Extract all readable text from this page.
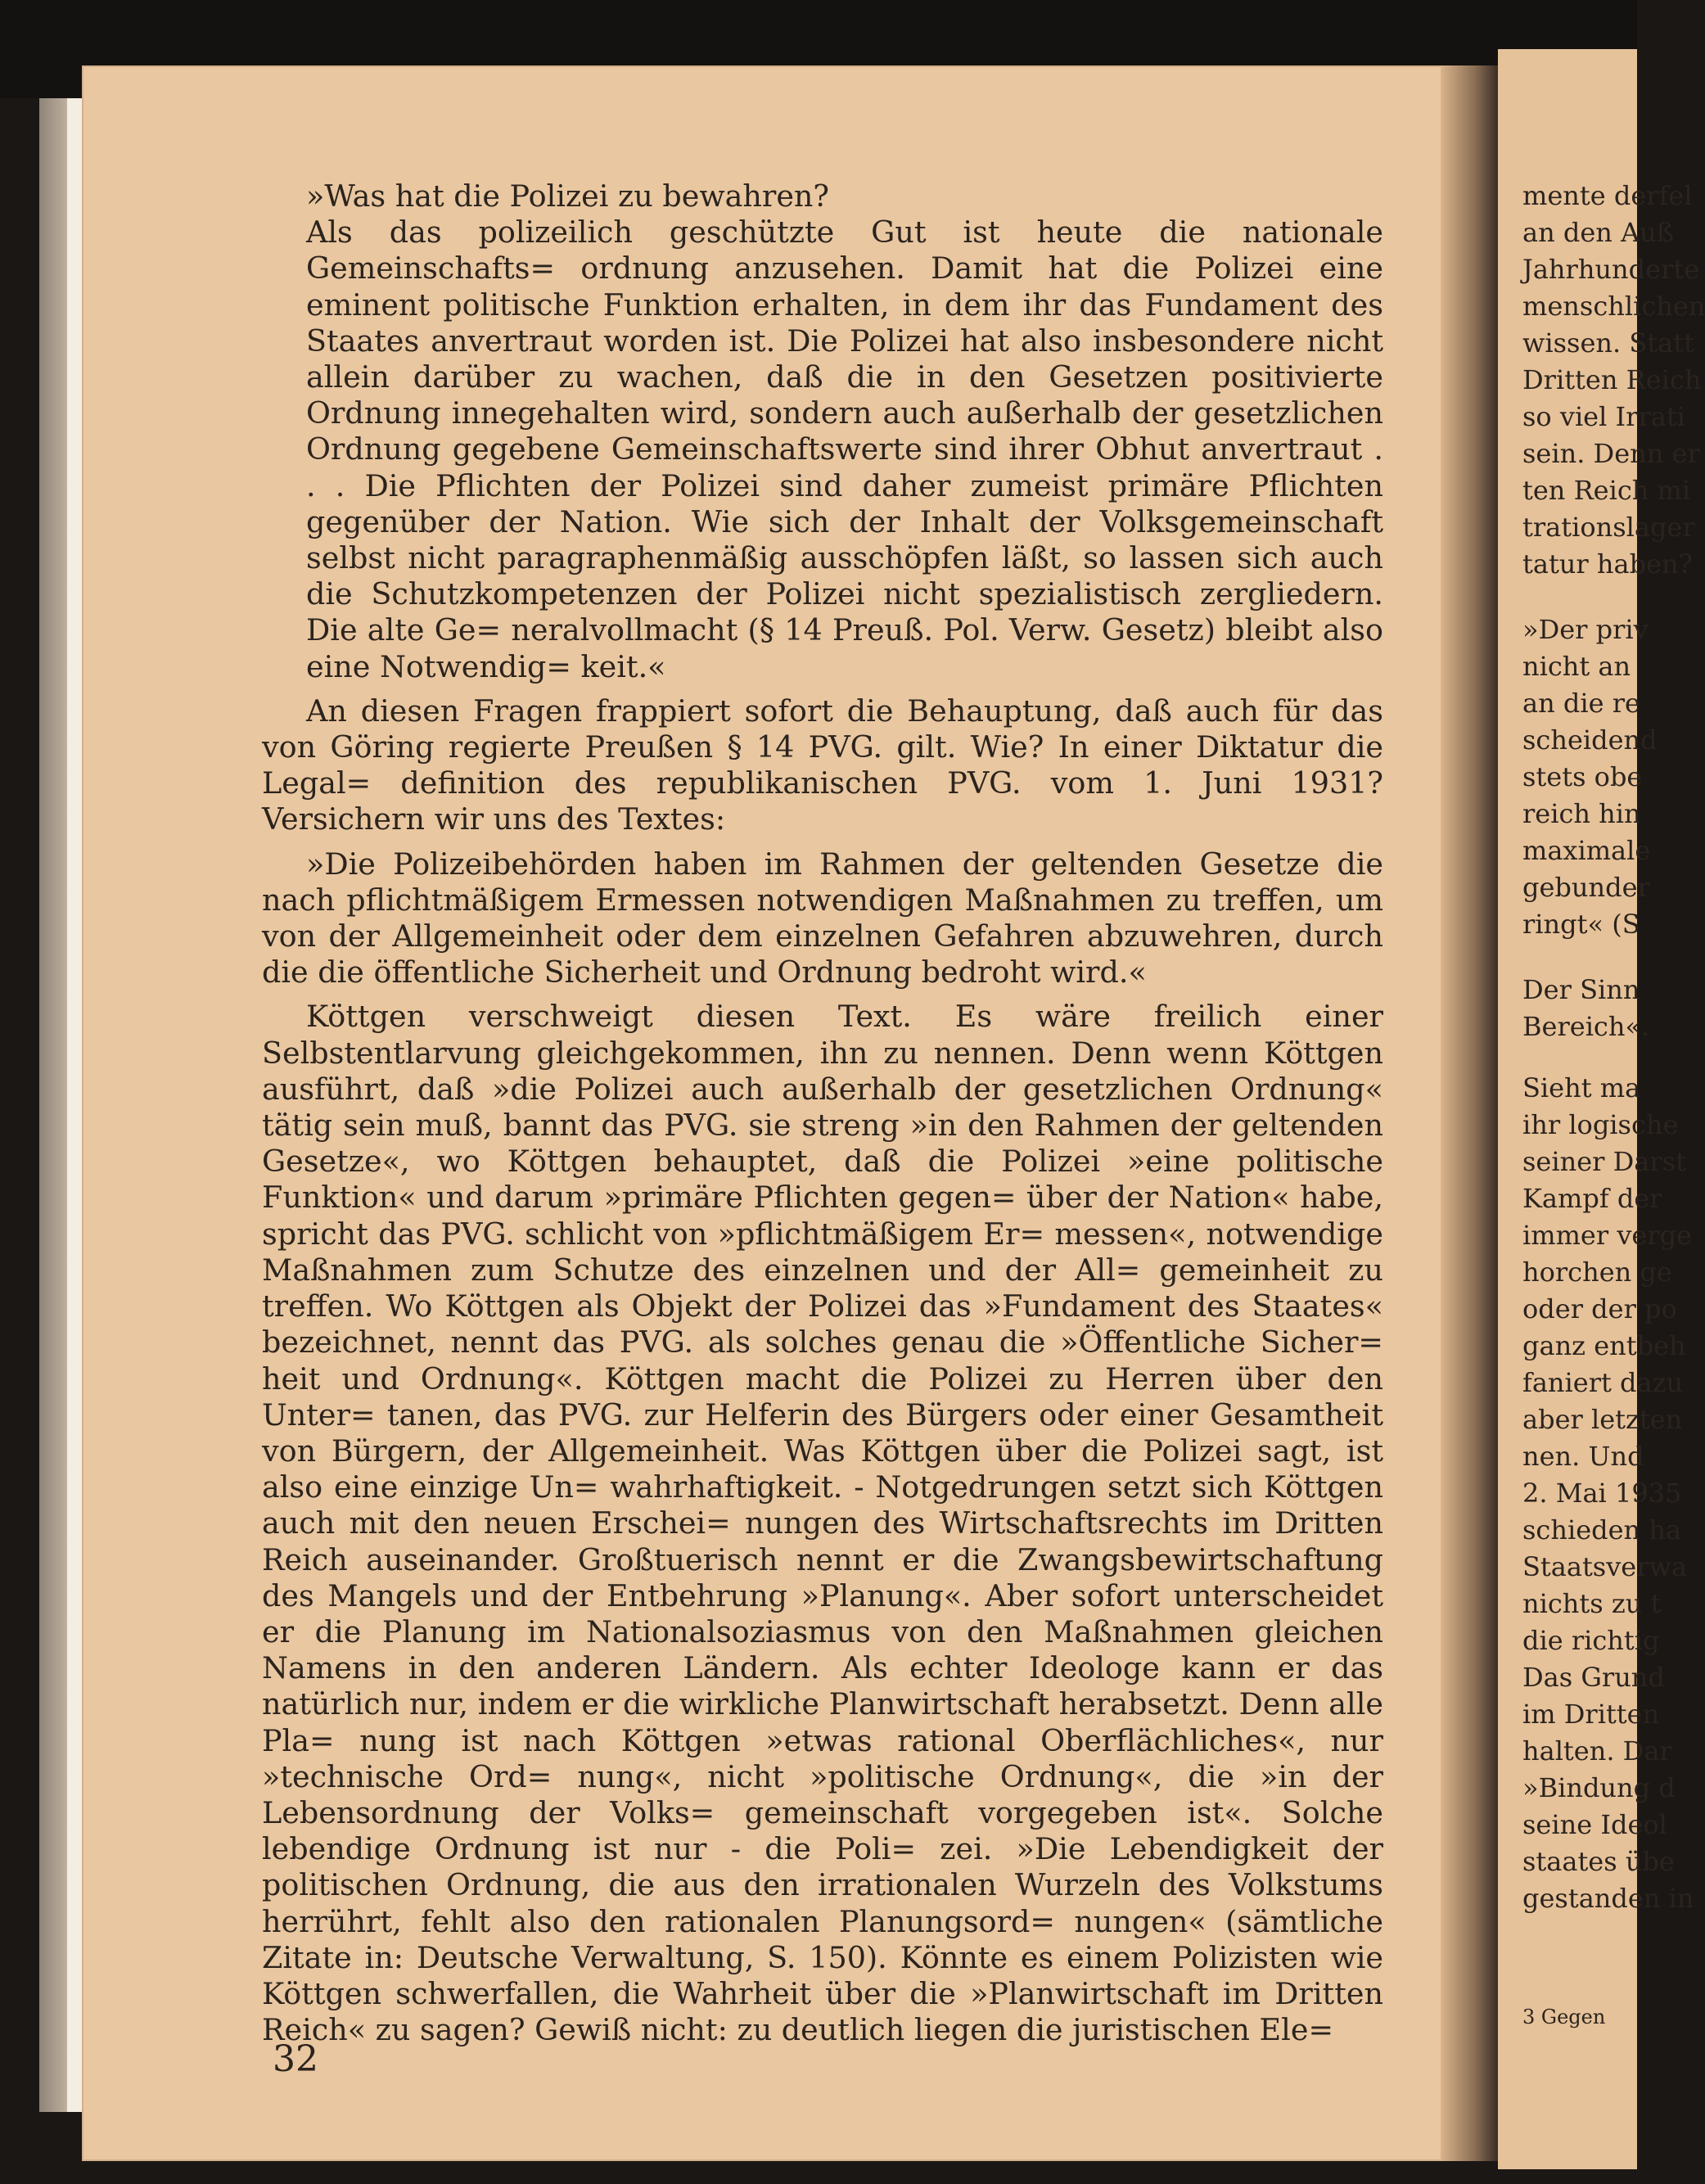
»Was hat die Polizei zu bewahren?

Als das polizeilich geschützte Gut ist heute die nationale Gemeinschafts= ordnung anzusehen. Damit hat die Polizei eine eminent politische Funktion erhalten, in dem ihr das Fundament des Staates anvertraut worden ist. Die Polizei hat also insbesondere nicht allein darüber zu wachen, daß die in den Gesetzen positivierte Ordnung innegehalten wird, sondern auch außerhalb der gesetzlichen Ordnung gegebene Gemeinschaftswerte sind ihrer Obhut anvertraut . . . Die Pflichten der Polizei sind daher zumeist primäre Pflichten gegenüber der Nation. Wie sich der Inhalt der Volksgemeinschaft selbst nicht paragraphenmäßig ausschöpfen läßt, so lassen sich auch die Schutzkompetenzen der Polizei nicht spezialistisch zergliedern. Die alte Ge= neralvollmacht (§ 14 Preuß. Pol. Verw. Gesetz) bleibt also eine Notwendig= keit.«

An diesen Fragen frappiert sofort die Behauptung, daß auch für das von Göring regierte Preußen § 14 PVG. gilt. Wie? In einer Diktatur die Legal= definition des republikanischen PVG. vom 1. Juni 1931? Versichern wir uns des Textes:

»Die Polizeibehörden haben im Rahmen der geltenden Gesetze die nach pflichtmäßigem Ermessen notwendigen Maßnahmen zu treffen, um von der Allgemeinheit oder dem einzelnen Gefahren abzuwehren, durch die die öffentliche Sicherheit und Ordnung bedroht wird.«

Köttgen verschweigt diesen Text. Es wäre freilich einer Selbstentlarvung gleichgekommen, ihn zu nennen. Denn wenn Köttgen ausführt, daß »die Polizei auch außerhalb der gesetzlichen Ordnung« tätig sein muß, bannt das PVG. sie streng »in den Rahmen der geltenden Gesetze«, wo Köttgen behauptet, daß die Polizei »eine politische Funktion« und darum »primäre Pflichten gegen= über der Nation« habe, spricht das PVG. schlicht von »pflichtmäßigem Er= messen«, notwendige Maßnahmen zum Schutze des einzelnen und der All= gemeinheit zu treffen. Wo Köttgen als Objekt der Polizei das »Fundament des Staates« bezeichnet, nennt das PVG. als solches genau die »Öffentliche Sicher= heit und Ordnung«. Köttgen macht die Polizei zu Herren über den Unter= tanen, das PVG. zur Helferin des Bürgers oder einer Gesamtheit von Bürgern, der Allgemeinheit. Was Köttgen über die Polizei sagt, ist also eine einzige Un= wahrhaftigkeit. - Notgedrungen setzt sich Köttgen auch mit den neuen Erschei= nungen des Wirtschaftsrechts im Dritten Reich auseinander. Großtuerisch nennt er die Zwangsbewirtschaftung des Mangels und der Entbehrung »Planung«. Aber sofort unterscheidet er die Planung im Nationalsoziasmus von den Maßnahmen gleichen Namens in den anderen Ländern. Als echter Ideologe kann er das natürlich nur, indem er die wirkliche Planwirtschaft herabsetzt. Denn alle Pla= nung ist nach Köttgen »etwas rational Oberflächliches«, nur »technische Ord= nung«, nicht »politische Ordnung«, die »in der Lebensordnung der Volks= gemeinschaft vorgegeben ist«. Solche lebendige Ordnung ist nur - die Poli= zei. »Die Lebendigkeit der politischen Ordnung, die aus den irrationalen Wurzeln des Volkstums herrührt, fehlt also den rationalen Planungsord= nungen« (sämtliche Zitate in: Deutsche Verwaltung, S. 150). Könnte es einem Polizisten wie Köttgen schwerfallen, die Wahrheit über die »Planwirtschaft im Dritten Reich« zu sagen? Gewiß nicht: zu deutlich liegen die juristischen Ele=

32
mente derfel
an den Auß
Jahrhunderte
menschlichen
wissen. Statt
Dritten Reich
so viel Irrati
sein. Denn er
ten Reich mi
trationslager
tatur haben?
»Der priv
nicht an
an die re
scheidend
stets obe
reich hin
maximale
gebunder
ringt« (S
Der Sinn
Bereich«.
Sieht ma
ihr logische
seiner Darst
Kampf der
immer verge
horchen ge
oder der po
ganz entbeh
faniert dazu
aber letzten
nen. Und
2. Mai 1935
schieden ha
Staatsverwa
nichts zu t
die richtig
Das Grund
im Dritten
halten. Dar
»Bindung d
seine Ideol
staates übe
gestanden in
3 Gegen
